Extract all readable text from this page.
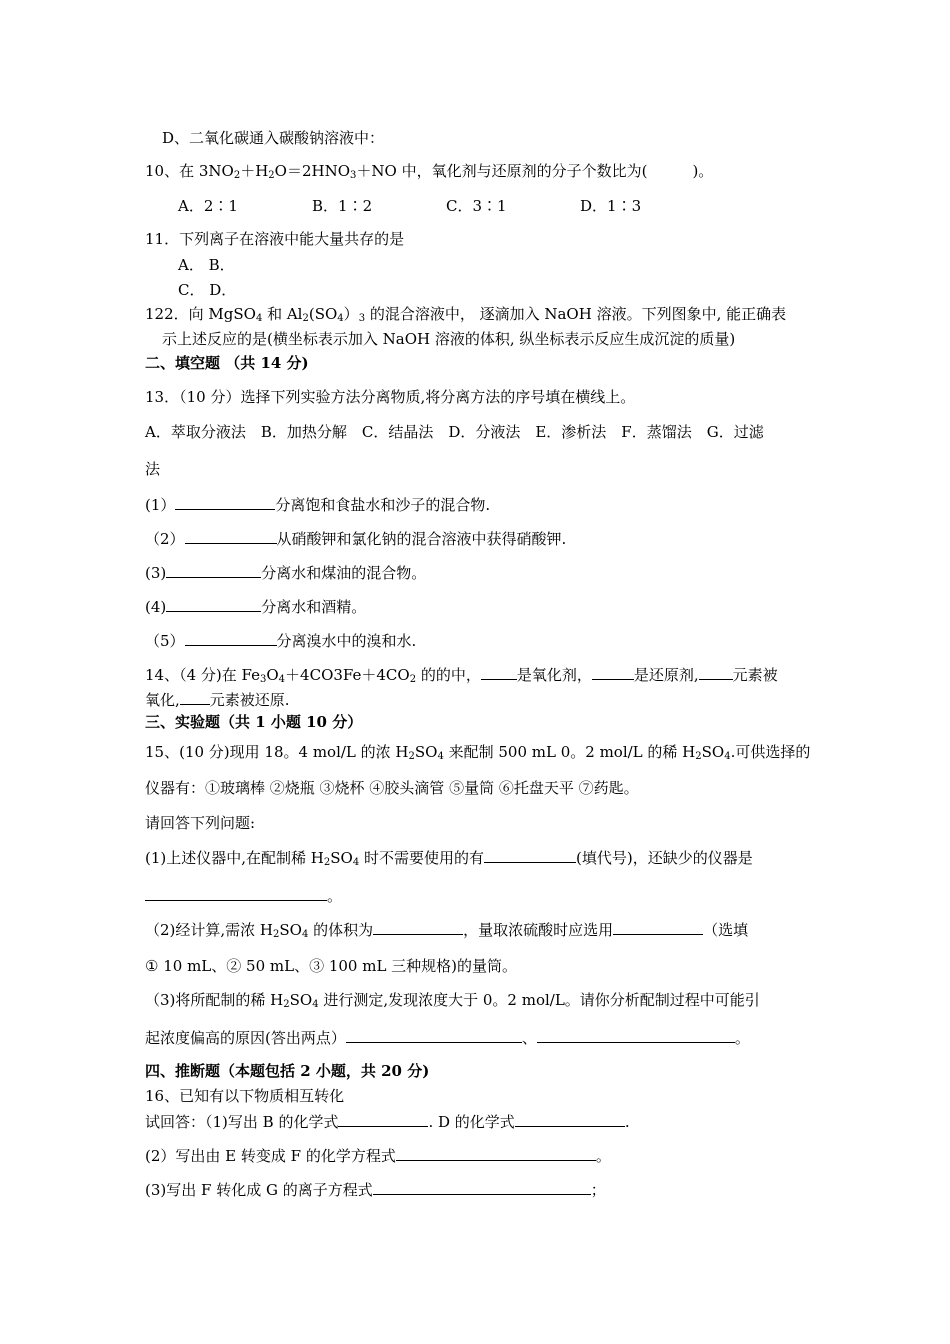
D、二氧化碳通入碳酸钠溶液中：
10、在 $3NO_2+H_2O=2HNO_3+NO$ 中，氧化剂与还原剂的分子个数比为(　　　)。
A．2∶1	B．1∶2	C．3∶1	D．1∶3
11．下列离子在溶液中能大量共存的是
A． B．
C． D．
122．向 MgSO$_4$ 和 $Al_2(SO_4)_3$ 的混合溶液中， 逐滴加入 NaOH 溶液。下列图象中, 能正确表
示上述反应的是(横坐标表示加入 NaOH 溶液的体积, 纵坐标表示反应生成沉淀的质量)
二、填空题 （共 14 分)
13．（10 分）选择下列实验方法分离物质,将分离方法的序号填在横线上。
A．萃取分液法　B．加热分解　C．结晶法　D．分液法　E．渗析法　F．蒸馏法　G．过滤
法
(1）	分离饱和食盐水和沙子的混合物.
（2）	从硝酸钾和氯化钠的混合溶液中获得硝酸钾.
(3)	分离水和煤油的混合物。
(4)	分离水和酒精。
（5）	分离溴水中的溴和水.
14、（4 分)在 $Fe_3O_4+4CO3Fe+4CO_2$ 的的中， 是氧化剂，	是还原剂, 元素被
氧化, 元素被还原.
三、实验题（共 1 小题 10 分）
15、(10 分)现用 18。4 mol/L 的浓 $H_2SO_4$ 来配制 500 mL 0。2 mol/L 的稀 $H_2SO_4$.可供选择的
仪器有：①玻璃棒 ②烧瓶 ③烧杯 ④胶头滴管 ⑤量筒 ⑥托盘天平 ⑦药匙。
请回答下列问题:
(1)上述仪器中,在配制稀 $H_2SO_4$ 时不需要使用的有	(填代号)，还缺少的仪器是
。
（2)经计算,需浓 $H_2SO_4$ 的体积为	，量取浓硫酸时应选用	（选填
① 10 mL、② 50 mL、③ 100 mL 三种规格)的量筒。
（3)将所配制的稀 $H_2SO_4$ 进行测定,发现浓度大于 0。2 mol/L。请你分析配制过程中可能引
起浓度偏高的原因(答出两点）	、	。
四、推断题（本题包括 2 小题，共 20 分)
16、已知有以下物质相互转化
试回答：（1)写出 B 的化学式	. D 的化学式	.
(2）写出由 E 转变成 F 的化学方程式	。
(3)写出 F 转化成 G 的离子方程式	；
